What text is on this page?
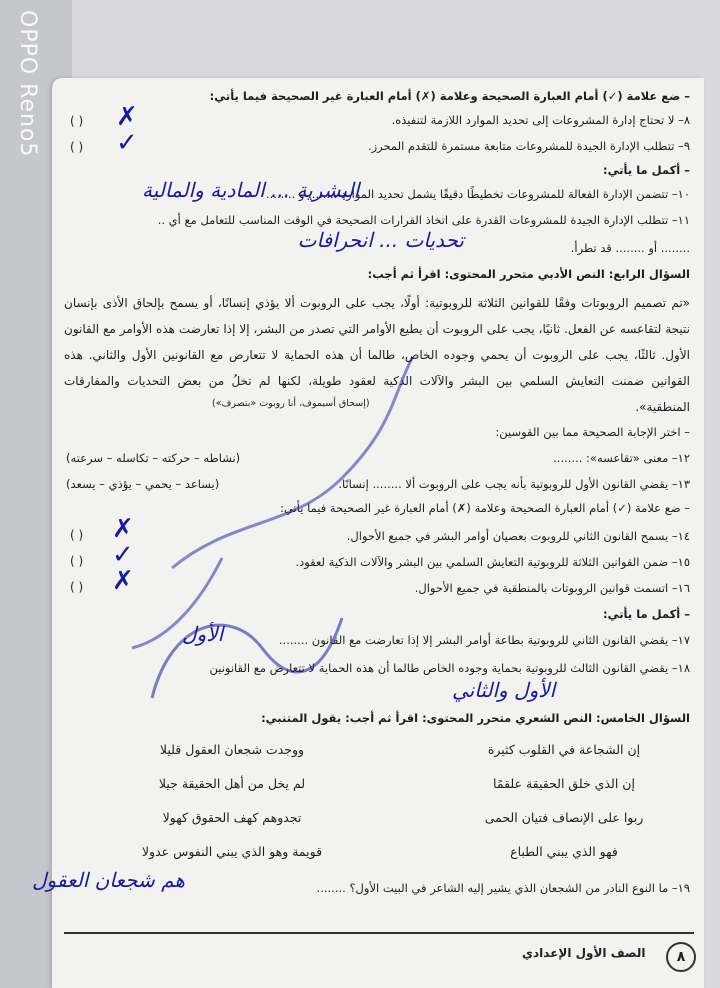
OPPO Reno5	– ضع علامة (✓) أمام العبارة الصحيحة وعلامة (✗) أمام العبارة غير الصحيحة فيما يأتي:
٨– لا تحتاج إدارة المشروعات إلى تحديد الموارد اللازمة لتنفيذه.
( ) ✗
٩– تتطلب الإدارة الجيدة للمشروعات متابعة مستمرة للتقدم المحرز.
( ) ✓
– أكمل ما يأتي:
١٠– تتضمن الإدارة الفعالة للمشروعات تخطيطًا دقيقًا يشمل تحديد الموارد ........ و ........
البشرية ... المادية والمالية
١١– تتطلب الإدارة الجيدة للمشروعات القدرة على اتخاذ القرارات الصحيحة في الوقت المناسب للتعامل مع أي ..
........ أو ........ قد تطرأ.
تحديات ... انحرافات
السؤال الرابع: النص الأدبي متحرر المحتوى: اقرأ ثم أجب:
«تم تصميم الروبوتات وفقًا للقوانين الثلاثة للروبوتية: أولًا، يجب على الروبوت ألا يؤذي إنسانًا، أو يسمح بإلحاق الأذى بإنسان نتيجة لتقاعسه عن الفعل. ثانيًا، يجب على الروبوت أن يطيع الأوامر التي تصدر من البشر، إلا إذا تعارضت هذه الأوامر مع القانون الأول. ثالثًا، يجب على الروبوت أن يحمي وجوده الخاص، طالما أن هذه الحماية لا تتعارض مع القانونين الأول والثاني. هذه القوانين ضمنت التعايش السلمي بين البشر والآلات الذكية لعقود طويلة، لكنها لم تخلُ من بعض التحديات والمفارقات المنطقية».
(إسحاق أسيموف، أنا روبوت «بتصرف»)
– اختر الإجابة الصحيحة مما بين القوسين:
١٢– معنى «تقاعسه»: ........
(نشاطه – حركته – تكاسله – سرعته)
١٣– يقضي القانون الأول للروبوتية بأنه يجب على الروبوت ألا ........ إنسانًا.
(يساعد – يحمي – يؤذي – يسعد)
– ضع علامة (✓) أمام العبارة الصحيحة وعلامة (✗) أمام العبارة غير الصحيحة فيما يأتي:
١٤– يسمح القانون الثاني للروبوت بعصيان أوامر البشر في جميع الأحوال.
( ) ✗
١٥– ضمن القوانين الثلاثة للروبوتية التعايش السلمي بين البشر والآلات الذكية لعقود.
( ) ✓
١٦– اتسمت قوانين الروبوتات بالمنطقية في جميع الأحوال.
( ) ✗
– أكمل ما يأتي:
١٧– يقضي القانون الثاني للروبوتية بطاعة أوامر البشر إلا إذا تعارضت مع القانون ........
الأول
١٨– يقضي القانون الثالث للروبوتية بحماية وجوده الخاص طالما أن هذه الحماية لا تتعارض مع القانونين
الأول والثاني
السؤال الخامس: النص الشعري متحرر المحتوى: اقرأ ثم أجب: يقول المتنبي:
إن الشجاعة في القلوب كثيرة
ووجدت شجعان العقول قليلا
إن الذي خلق الحقيقة علقمًا
لم يخل من أهل الحقيقة جيلا
ربوا على الإنصاف فتيان الحمى
تجدوهم كهف الحقوق كهولا
فهو الذي يبني الطباع
قويمة وهو الذي يبني النفوس عدولا
١٩– ما النوع النادر من الشجعان الذي يشير إليه الشاعر في البيت الأول؟ ........
هم شجعان العقول
الصف الأول الإعدادي	٨
